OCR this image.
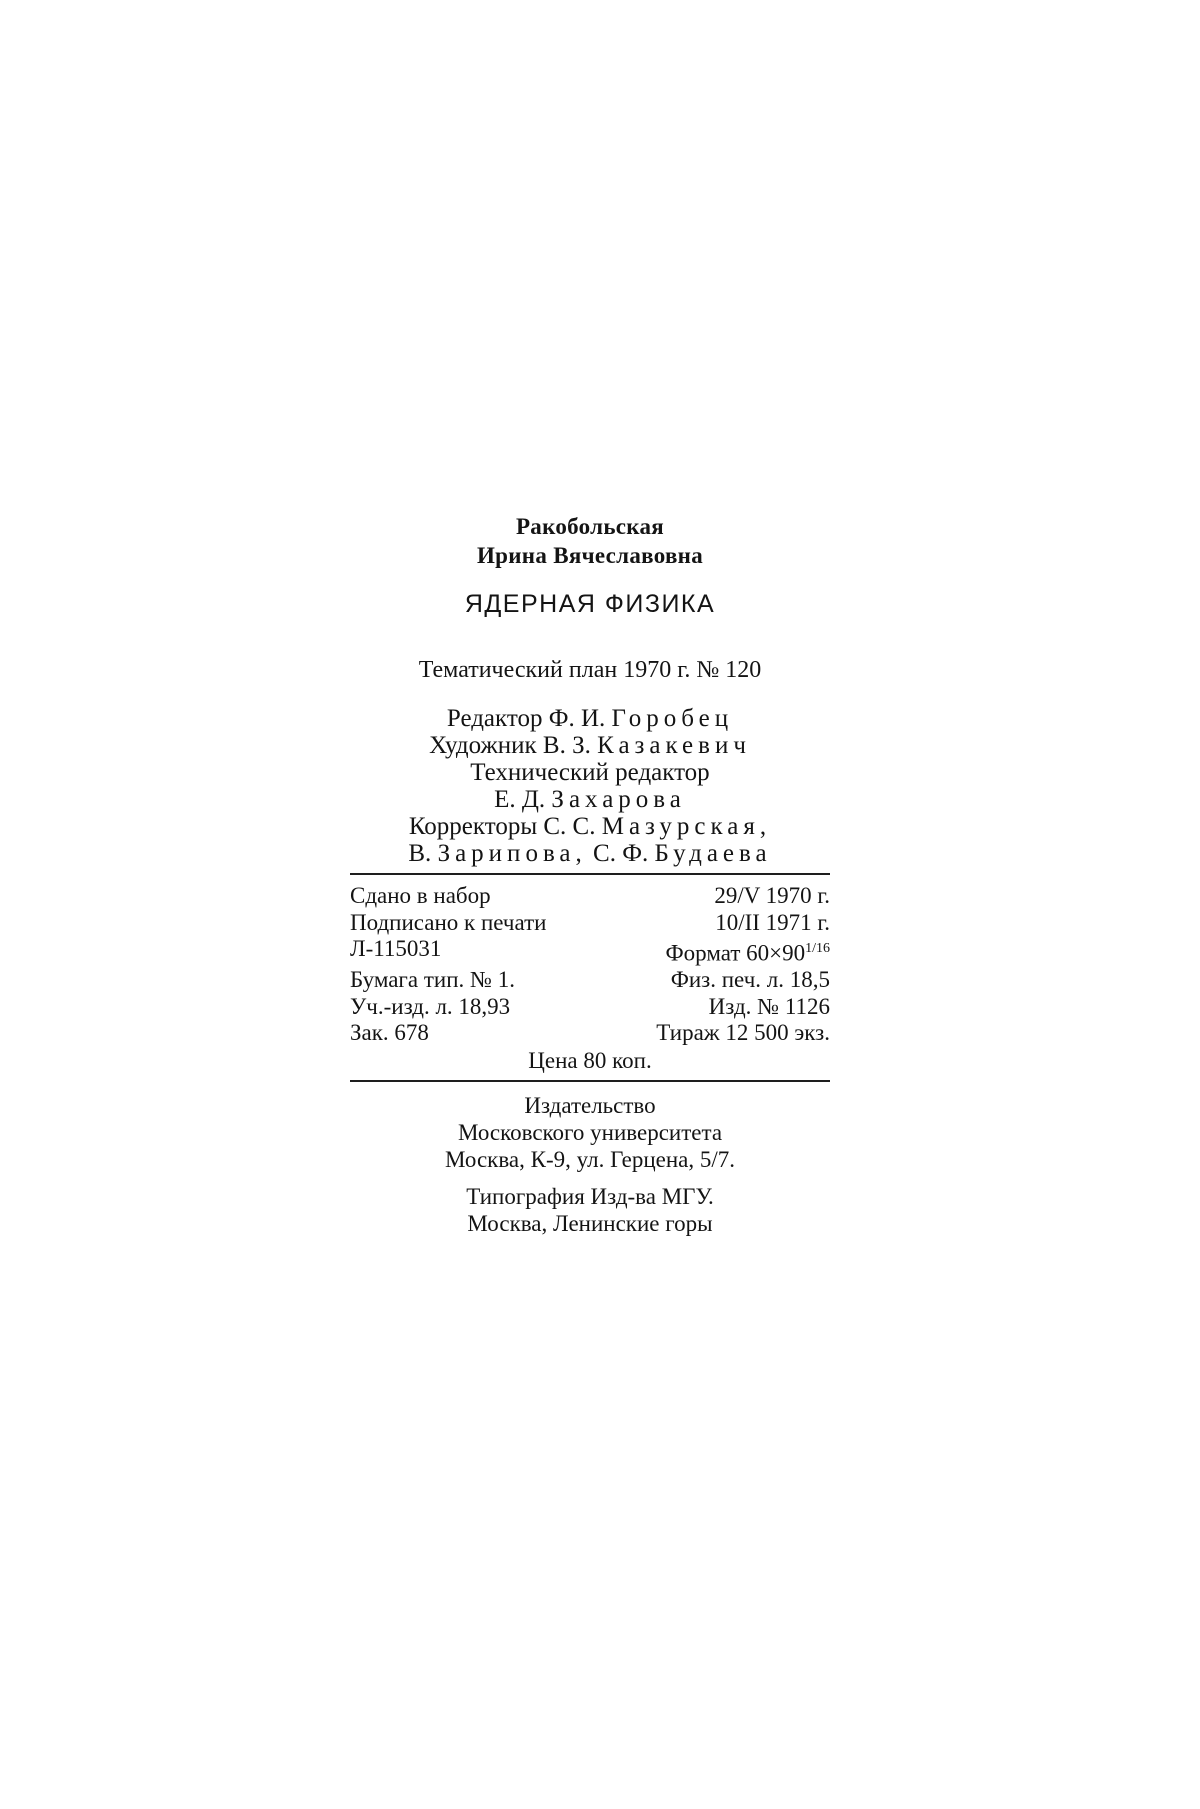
Ракобольская
Ирина Вячеславовна
ЯДЕРНАЯ ФИЗИКА
Тематический план 1970 г. № 120
Редактор Ф. И. Горобец
Художник В. З. Казакевич
Технический редактор
Е. Д. Захарова
Корректоры С. С. Мазурская,
В. Зарипова, С. Ф. Будаева
Сдано в набор	29/V 1970 г.
Подписано к печати	10/II 1971 г.
Л-115031	Формат $60\times 90^{1/16}$
Бумага тип. № 1.	Физ. печ. л. 18,5
Уч.-изд. л. 18,93	Изд. № 1126
Зак. 678	Тираж 12 500 экз.
Цена 80 коп.
Издательство
Московского университета
Москва, К-9, ул. Герцена, 5/7.
Типография Изд-ва МГУ.
Москва, Ленинские горы
